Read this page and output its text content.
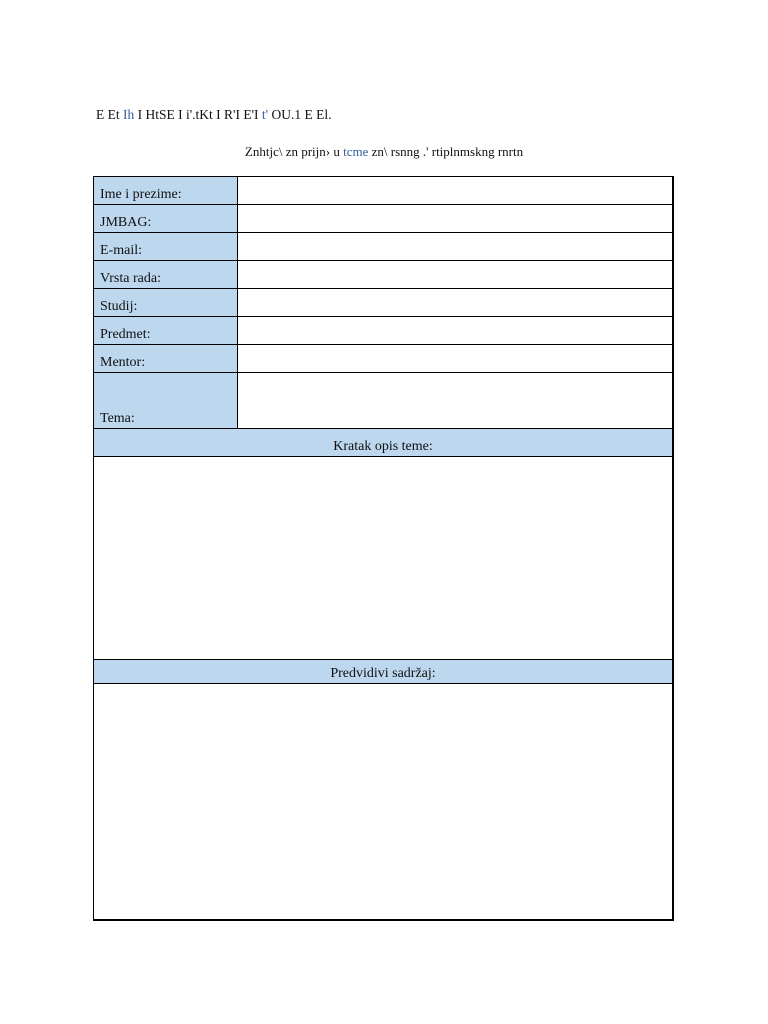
E Et Ih I HtSE I i'.tKt I R'I E'I t' OU.1 E El.
Znhtjc\ zn prijn› u tcme zn\ rsnng .' rtiplnmskng rnrtn
Ime i prezime:
JMBAG:
E-mail:
Vrsta rada:
Studij:
Predmet:
Mentor:
Tema:
Kratak opis teme:
Predvidivi sadržaj:
